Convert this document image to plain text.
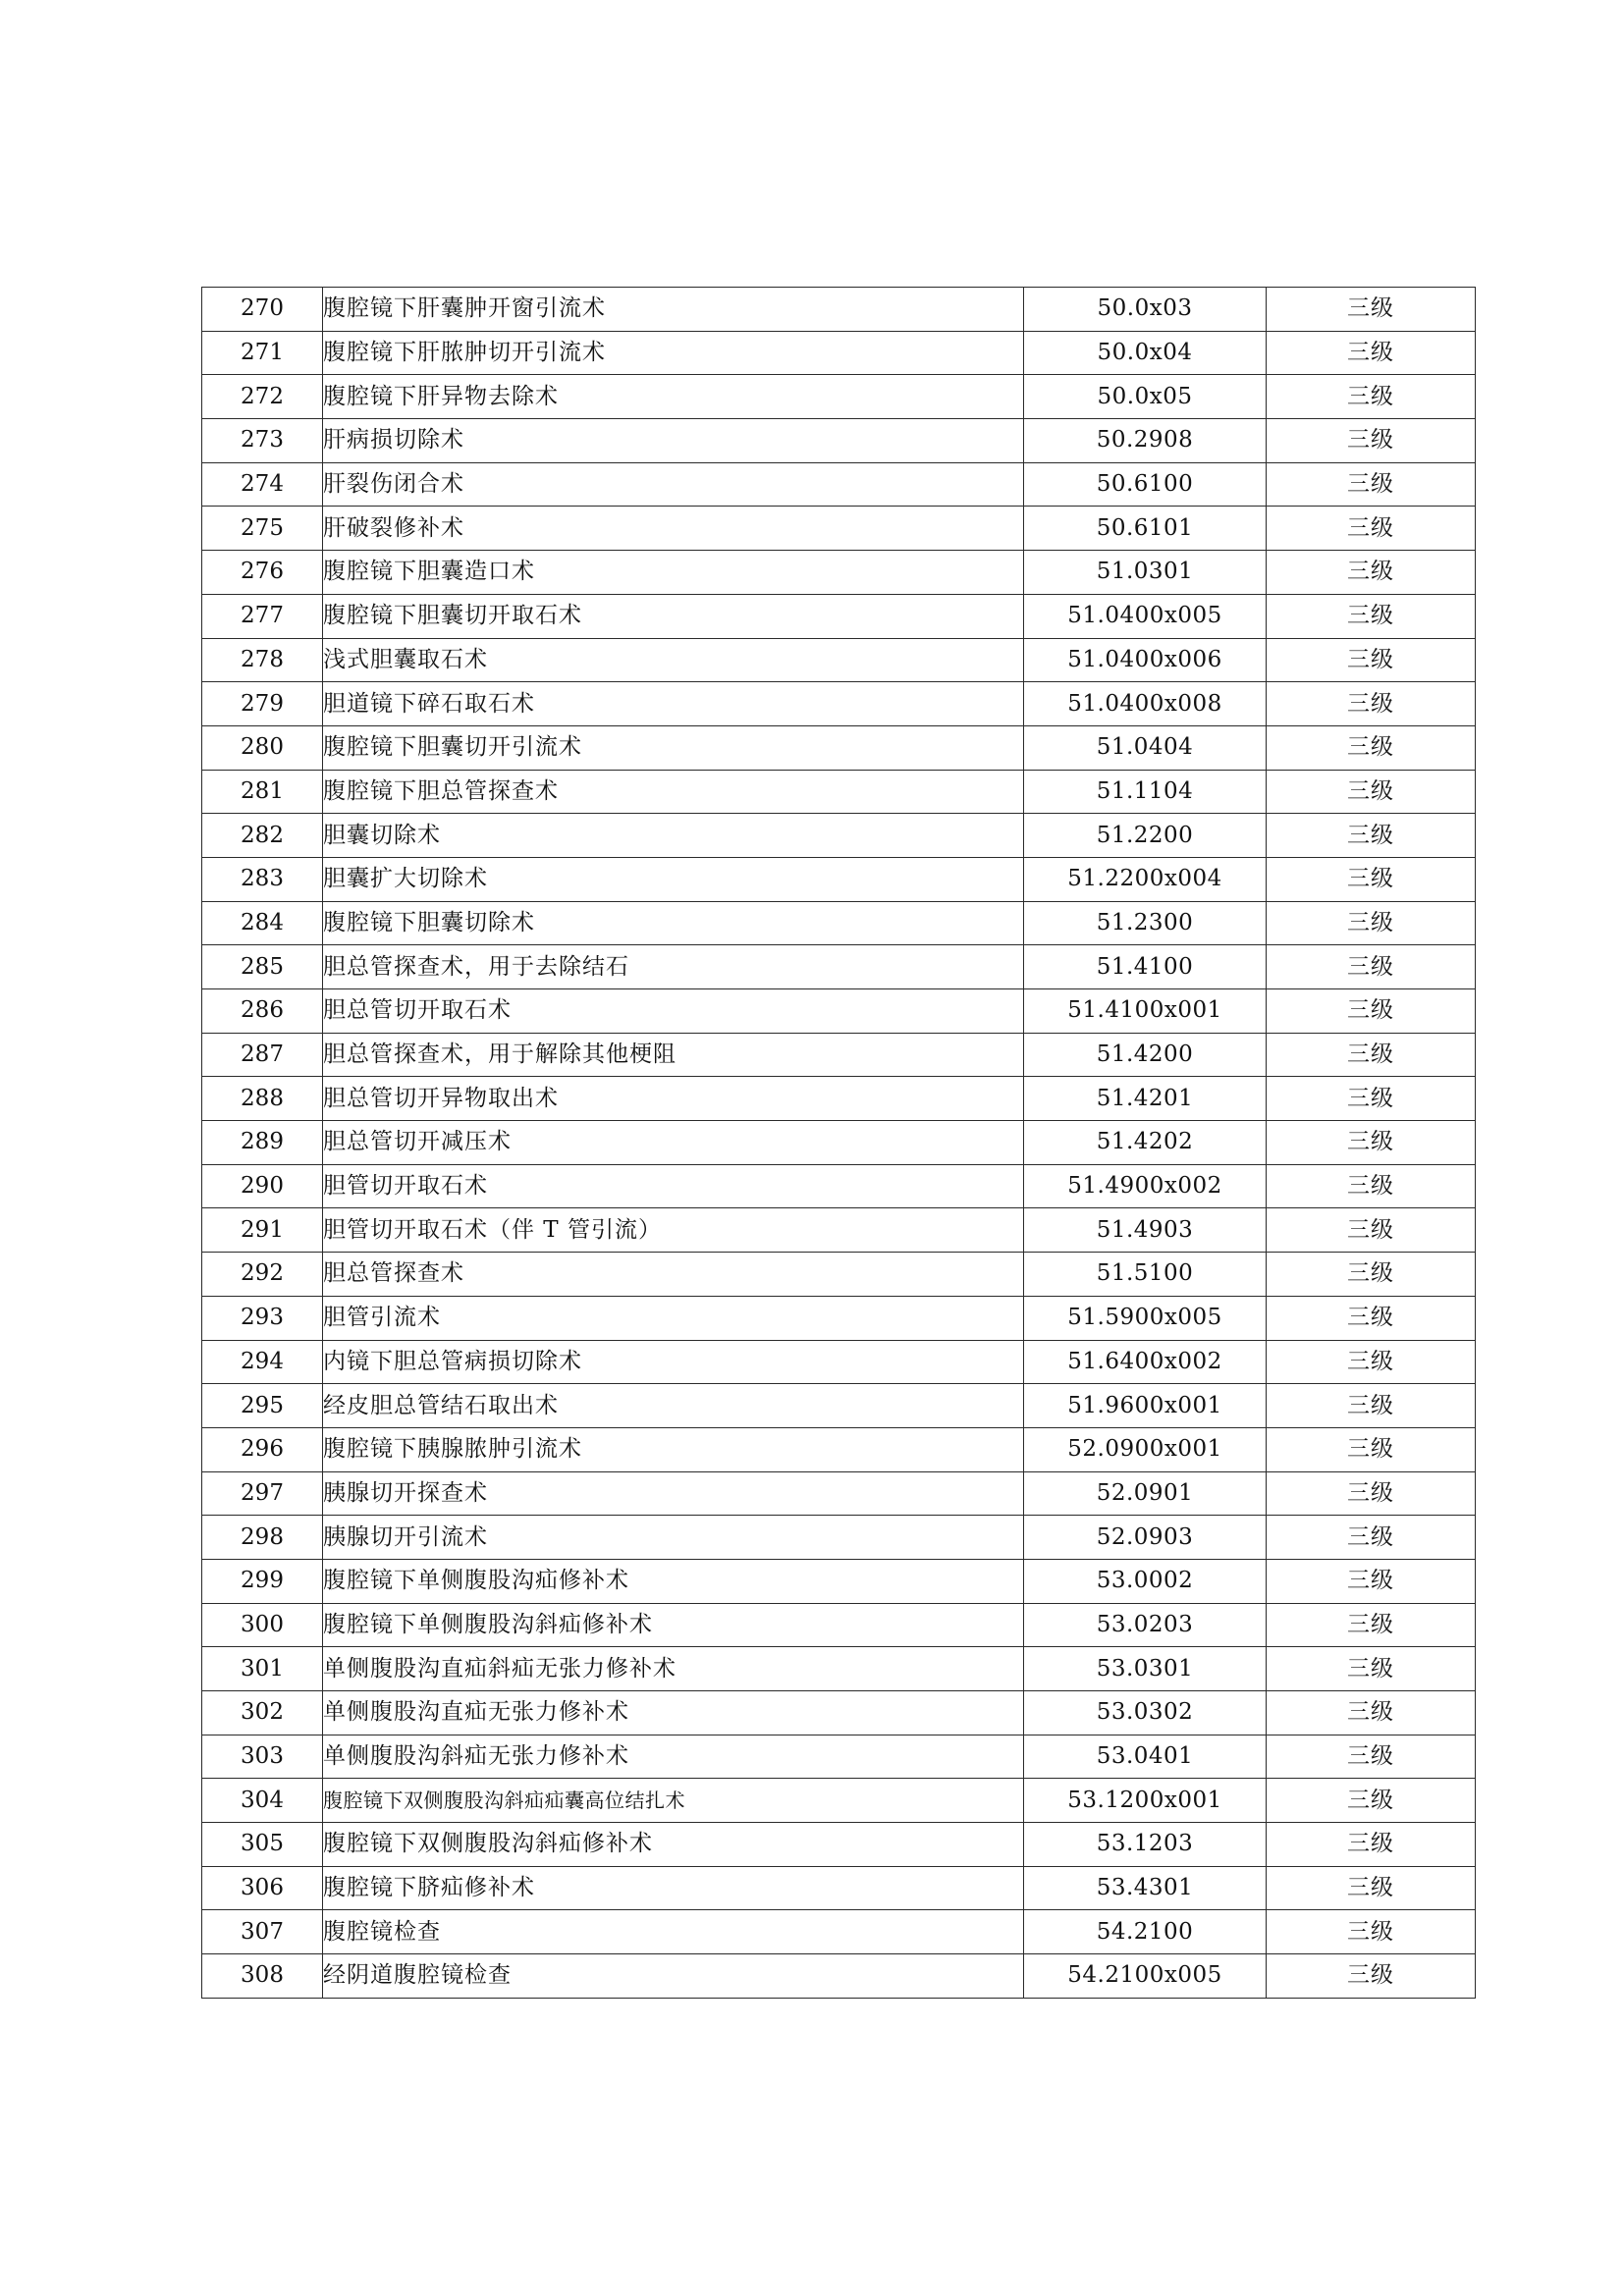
270	腹腔镜下肝囊肿开窗引流术	50.0x03	三级
271	腹腔镜下肝脓肿切开引流术	50.0x04	三级
272	腹腔镜下肝异物去除术	50.0x05	三级
273	肝病损切除术	50.2908	三级
274	肝裂伤闭合术	50.6100	三级
275	肝破裂修补术	50.6101	三级
276	腹腔镜下胆囊造口术	51.0301	三级
277	腹腔镜下胆囊切开取石术	51.0400x005	三级
278	浅式胆囊取石术	51.0400x006	三级
279	胆道镜下碎石取石术	51.0400x008	三级
280	腹腔镜下胆囊切开引流术	51.0404	三级
281	腹腔镜下胆总管探查术	51.1104	三级
282	胆囊切除术	51.2200	三级
283	胆囊扩大切除术	51.2200x004	三级
284	腹腔镜下胆囊切除术	51.2300	三级
285	胆总管探查术，用于去除结石	51.4100	三级
286	胆总管切开取石术	51.4100x001	三级
287	胆总管探查术，用于解除其他梗阻	51.4200	三级
288	胆总管切开异物取出术	51.4201	三级
289	胆总管切开减压术	51.4202	三级
290	胆管切开取石术	51.4900x002	三级
291	胆管切开取石术（伴 T 管引流）	51.4903	三级
292	胆总管探查术	51.5100	三级
293	胆管引流术	51.5900x005	三级
294	内镜下胆总管病损切除术	51.6400x002	三级
295	经皮胆总管结石取出术	51.9600x001	三级
296	腹腔镜下胰腺脓肿引流术	52.0900x001	三级
297	胰腺切开探查术	52.0901	三级
298	胰腺切开引流术	52.0903	三级
299	腹腔镜下单侧腹股沟疝修补术	53.0002	三级
300	腹腔镜下单侧腹股沟斜疝修补术	53.0203	三级
301	单侧腹股沟直疝斜疝无张力修补术	53.0301	三级
302	单侧腹股沟直疝无张力修补术	53.0302	三级
303	单侧腹股沟斜疝无张力修补术	53.0401	三级
304	腹腔镜下双侧腹股沟斜疝疝囊高位结扎术	53.1200x001	三级
305	腹腔镜下双侧腹股沟斜疝修补术	53.1203	三级
306	腹腔镜下脐疝修补术	53.4301	三级
307	腹腔镜检查	54.2100	三级
308	经阴道腹腔镜检查	54.2100x005	三级
